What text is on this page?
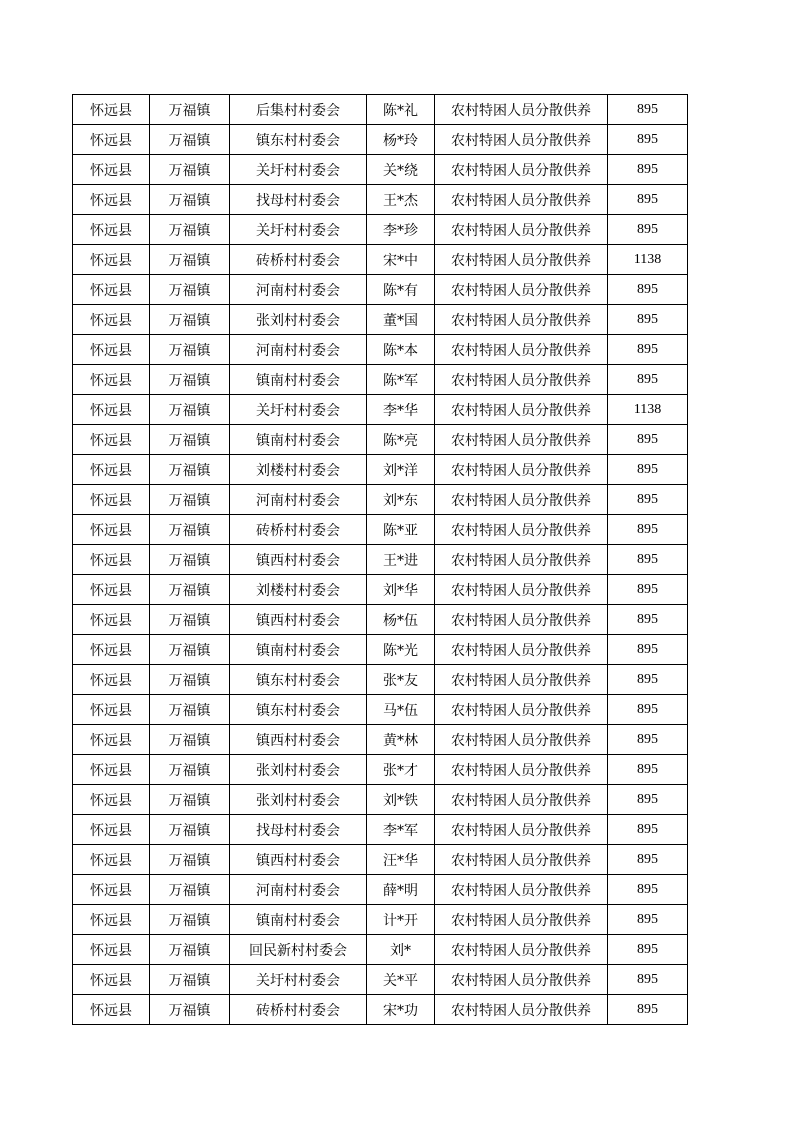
怀远县	万福镇	后集村村委会	陈*礼	农村特困人员分散供养	895
怀远县	万福镇	镇东村村委会	杨*玲	农村特困人员分散供养	895
怀远县	万福镇	关圩村村委会	关*绕	农村特困人员分散供养	895
怀远县	万福镇	找母村村委会	王*杰	农村特困人员分散供养	895
怀远县	万福镇	关圩村村委会	李*珍	农村特困人员分散供养	895
怀远县	万福镇	砖桥村村委会	宋*中	农村特困人员分散供养	1138
怀远县	万福镇	河南村村委会	陈*有	农村特困人员分散供养	895
怀远县	万福镇	张刘村村委会	董*国	农村特困人员分散供养	895
怀远县	万福镇	河南村村委会	陈*本	农村特困人员分散供养	895
怀远县	万福镇	镇南村村委会	陈*军	农村特困人员分散供养	895
怀远县	万福镇	关圩村村委会	李*华	农村特困人员分散供养	1138
怀远县	万福镇	镇南村村委会	陈*亮	农村特困人员分散供养	895
怀远县	万福镇	刘楼村村委会	刘*洋	农村特困人员分散供养	895
怀远县	万福镇	河南村村委会	刘*东	农村特困人员分散供养	895
怀远县	万福镇	砖桥村村委会	陈*亚	农村特困人员分散供养	895
怀远县	万福镇	镇西村村委会	王*进	农村特困人员分散供养	895
怀远县	万福镇	刘楼村村委会	刘*华	农村特困人员分散供养	895
怀远县	万福镇	镇西村村委会	杨*伍	农村特困人员分散供养	895
怀远县	万福镇	镇南村村委会	陈*光	农村特困人员分散供养	895
怀远县	万福镇	镇东村村委会	张*友	农村特困人员分散供养	895
怀远县	万福镇	镇东村村委会	马*伍	农村特困人员分散供养	895
怀远县	万福镇	镇西村村委会	黄*林	农村特困人员分散供养	895
怀远县	万福镇	张刘村村委会	张*才	农村特困人员分散供养	895
怀远县	万福镇	张刘村村委会	刘*铁	农村特困人员分散供养	895
怀远县	万福镇	找母村村委会	李*军	农村特困人员分散供养	895
怀远县	万福镇	镇西村村委会	汪*华	农村特困人员分散供养	895
怀远县	万福镇	河南村村委会	薛*明	农村特困人员分散供养	895
怀远县	万福镇	镇南村村委会	计*开	农村特困人员分散供养	895
怀远县	万福镇	回民新村村委会	刘*	农村特困人员分散供养	895
怀远县	万福镇	关圩村村委会	关*平	农村特困人员分散供养	895
怀远县	万福镇	砖桥村村委会	宋*功	农村特困人员分散供养	895
